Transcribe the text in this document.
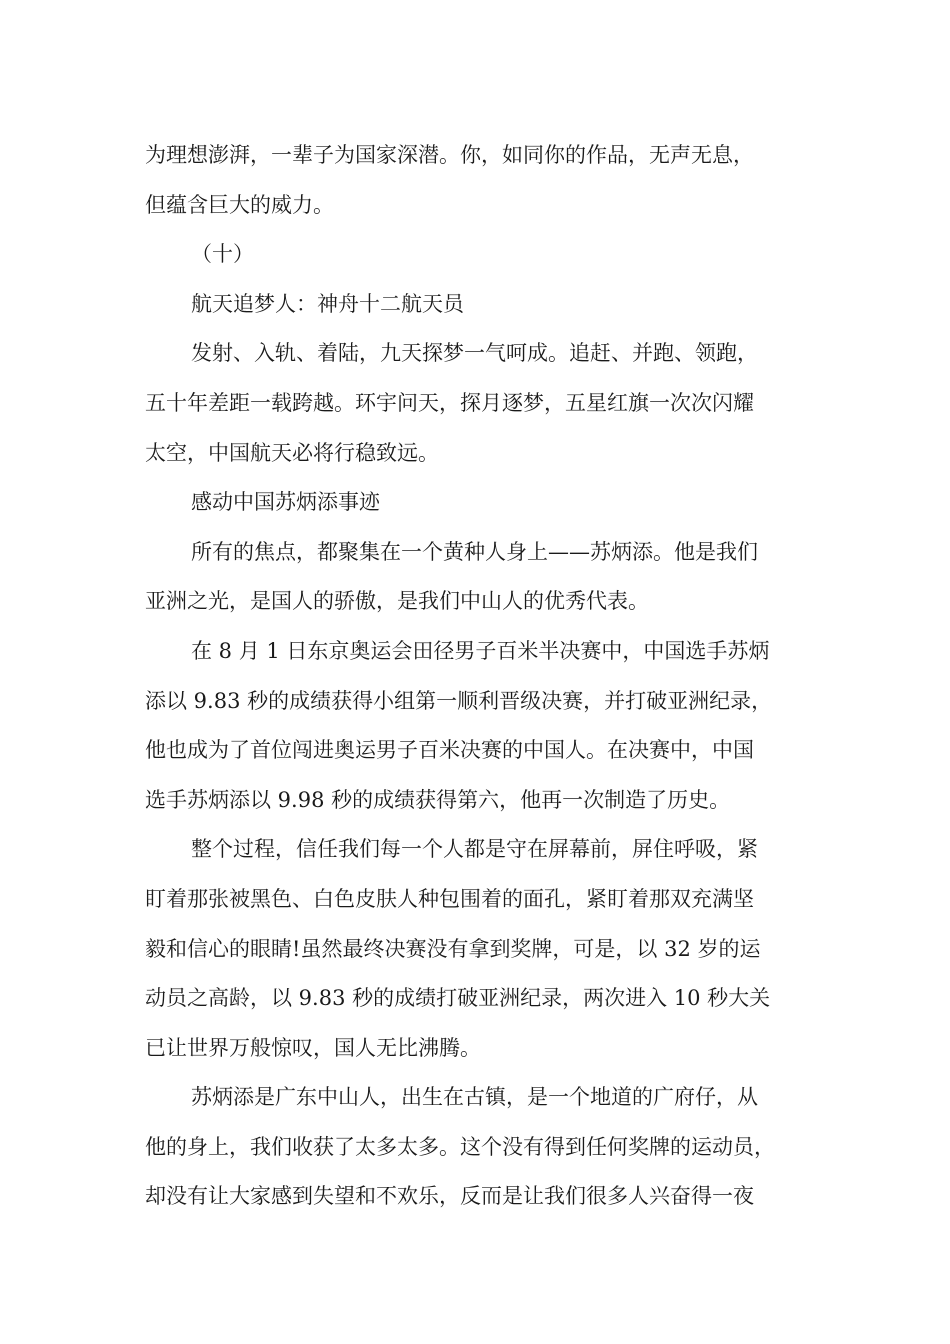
为理想澎湃，一辈子为国家深潜。你，如同你的作品，无声无息，
但蕴含巨大的威力。

（十）

航天追梦人：神舟十二航天员

发射、入轨、着陆，九天探梦一气呵成。追赶、并跑、领跑，
五十年差距一载跨越。环宇问天，探月逐梦，五星红旗一次次闪耀
太空，中国航天必将行稳致远。

感动中国苏炳添事迹

所有的焦点，都聚集在一个黄种人身上——苏炳添。他是我们
亚洲之光，是国人的骄傲，是我们中山人的优秀代表。

在 8 月 1 日东京奥运会田径男子百米半决赛中，中国选手苏炳
添以 9.83 秒的成绩获得小组第一顺利晋级决赛，并打破亚洲纪录，
他也成为了首位闯进奥运男子百米决赛的中国人。在决赛中，中国
选手苏炳添以 9.98 秒的成绩获得第六，他再一次制造了历史。

整个过程，信任我们每一个人都是守在屏幕前，屏住呼吸，紧
盯着那张被黑色、白色皮肤人种包围着的面孔，紧盯着那双充满坚
毅和信心的眼睛!虽然最终决赛没有拿到奖牌，可是，以 32 岁的运
动员之高龄，以 9.83 秒的成绩打破亚洲纪录，两次进入 10 秒大关
已让世界万般惊叹，国人无比沸腾。

苏炳添是广东中山人，出生在古镇，是一个地道的广府仔，从
他的身上，我们收获了太多太多。这个没有得到任何奖牌的运动员，
却没有让大家感到失望和不欢乐，反而是让我们很多人兴奋得一夜
